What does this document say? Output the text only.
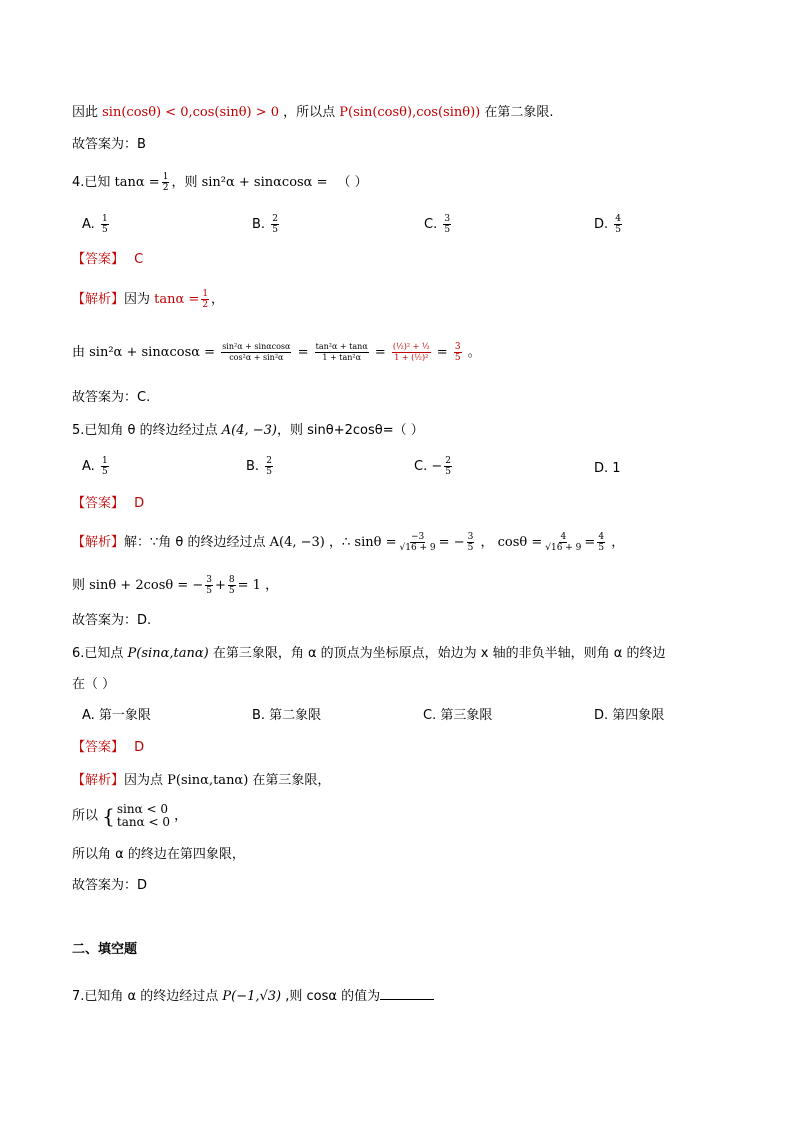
因此 sin(cosθ) < 0,cos(sinθ) > 0 ，所以点 P(sin(cosθ),cos(sinθ)) 在第二象限.
故答案为：B
4.已知 $\tan\alpha = \frac{1}{2}$ ，则 sin²α + sinαcosα = （ ）
A. $\frac{1}{5}$	B. $\frac{2}{5}$	C. $\frac{3}{5}$	D. $\frac{4}{5}$
【答案】 C
【解析】因为 $\tan\alpha = \frac{1}{2}$ ，
由 $\sin^2\alpha + \sin\alpha\cos\alpha = \frac{\text{sin²α + sinαcosα}}{\text{cos²α + sin²α}} = \frac{\text{tan²α + tanα}}{\text{1 + tan²α}} = \frac{\text{(½)² + ½}}{\text{1 + (½)²}} = \frac{3}{5}$ 。
故答案为：C.
5.已知角 θ 的终边经过点 A(4, −3)，则 sinθ+2cosθ=（ ）
A. $\frac{1}{5}$	B. $\frac{2}{5}$	C. − $\frac{2}{5}$	D. 1
【答案】 D
【解析】解：∵角 θ 的终边经过点 A(4, −3) ，∴ $\sin\theta = \frac{-3}{√16 + 9}$ = − $\frac{3}{5}$ ， $\cos\theta = \frac{4}{√16 + 9} = \frac{4}{5}$ ，
则 sinθ + 2cosθ = − $\frac{3}{5} + \frac{8}{5} = 1$ ，
故答案为：D.
6.已知点 P(sinα,tanα) 在第三象限，角 α 的顶点为坐标原点，始边为 x 轴的非负半轴，则角 α 的终边
在（ ）
A. 第一象限	B. 第二象限	C. 第三象限	D. 第四象限
【答案】 D
【解析】因为点 P(sinα,tanα) 在第三象限，
所以 { sinα < 0
tanα < 0 ，
所以角 α 的终边在第四象限，
故答案为：D
二、填空题
7.已知角 α 的终边经过点 P(−1,√3) ,则 cosα 的值为
